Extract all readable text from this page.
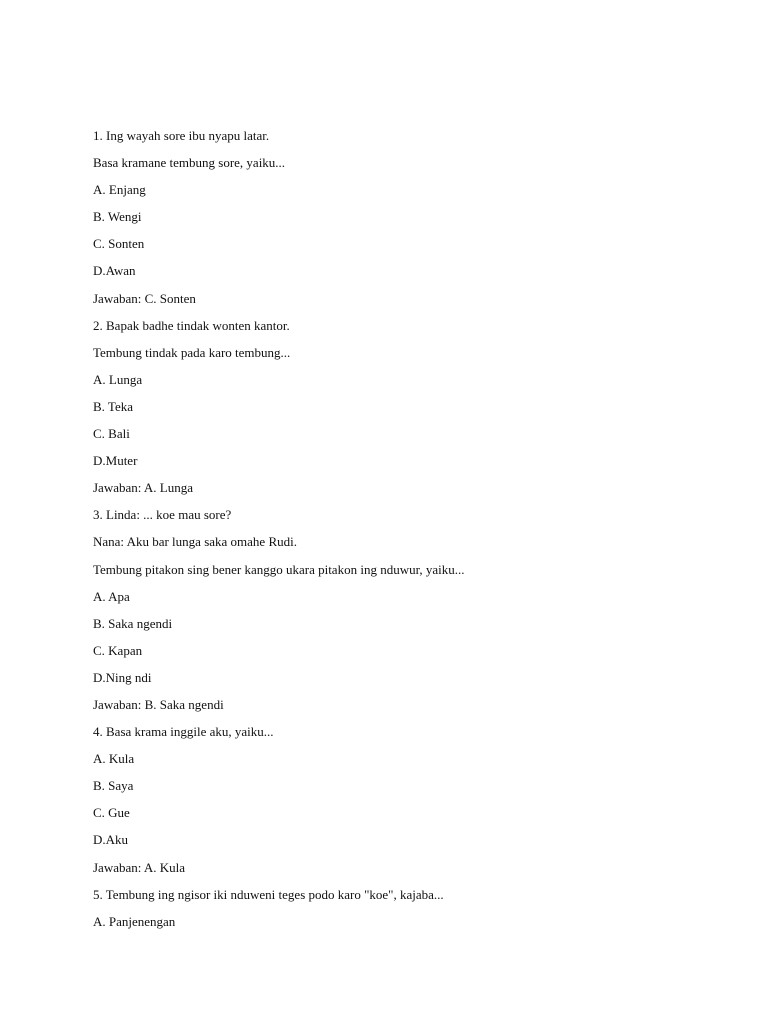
1. Ing wayah sore ibu nyapu latar.
Basa kramane tembung sore, yaiku...
A. Enjang
B. Wengi
C. Sonten
D.Awan
Jawaban: C. Sonten
2. Bapak badhe tindak wonten kantor.
Tembung tindak pada karo tembung...
A. Lunga
B. Teka
C. Bali
D.Muter
Jawaban: A. Lunga
3. Linda: ... koe mau sore?
Nana: Aku bar lunga saka omahe Rudi.
Tembung pitakon sing bener kanggo ukara pitakon ing nduwur, yaiku...
A. Apa
B. Saka ngendi
C. Kapan
D.Ning ndi
Jawaban: B. Saka ngendi
4. Basa krama inggile aku, yaiku...
A. Kula
B. Saya
C. Gue
D.Aku
Jawaban: A. Kula
5. Tembung ing ngisor iki nduweni teges podo karo "koe", kajaba...
A. Panjenengan
